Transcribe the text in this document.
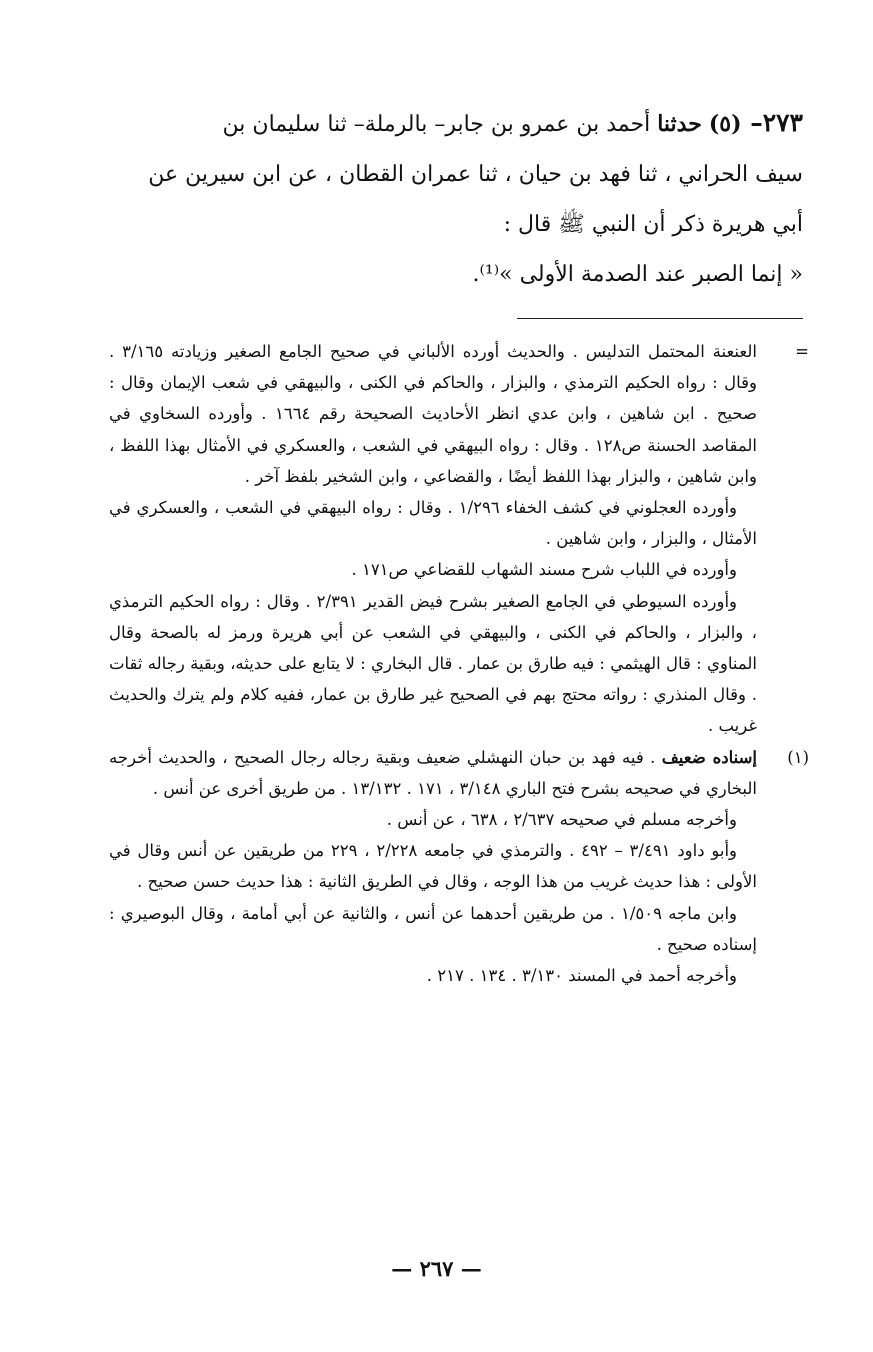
٢٧٣– (٥) حدثنا أحمد بن عمرو بن جابر– بالرملة– ثنا سليمان بن

سيف الحراني ، ثنا فهد بن حيان ، ثنا عمران القطان ، عن ابن سيرين عن

أبي هريرة ذكر أن النبي ﷺ قال :

« إنما الصبر عند الصدمة الأولى »⁽¹⁾.

=

العنعنة المحتمل التدليس . والحديث أورده الألباني في صحيح الجامع الصغير وزيادته ٣/١٦٥ . وقال : رواه الحكيم الترمذي ، والبزار ، والحاكم في الكنى ، والبيهقي في شعب الإيمان وقال : صحيح . ابن شاهين ، وابن عدي انظر الأحاديث الصحيحة رقم ١٦٦٤ . وأورده السخاوي في المقاصد الحسنة ص١٢٨ . وقال : رواه البيهقي في الشعب ، والعسكري في الأمثال بهذا اللفظ ، وابن شاهين ، والبزار بهذا اللفظ أيضًا ، والقضاعي ، وابن الشخير بلفظ آخر .

وأورده العجلوني في كشف الخفاء ١/٢٩٦ . وقال : رواه البيهقي في الشعب ، والعسكري في الأمثال ، والبزار ، وابن شاهين .

وأورده في اللباب شرح مسند الشهاب للقضاعي ص١٧١ .

وأورده السيوطي في الجامع الصغير بشرح فيض القدير ٢/٣٩١ . وقال : رواه الحكيم الترمذي ، والبزار ، والحاكم في الكنى ، والبيهقي في الشعب عن أبي هريرة ورمز له بالصحة وقال المناوي : قال الهيثمي : فيه طارق بن عمار . قال البخاري : لا يتابع على حديثه، وبقية رجاله ثقات . وقال المنذري : رواته محتج بهم في الصحيح غير طارق بن عمار، ففيه كلام ولم يترك والحديث غريب .

(١)

إسناده ضعيف . فيه فهد بن حبان النهشلي ضعيف وبقية رجاله رجال الصحيح ، والحديث أخرجه البخاري في صحيحه بشرح فتح الباري ٣/١٤٨ ، ١٧١ . ١٣/١٣٢ . من طريق أخرى عن أنس .

وأخرجه مسلم في صحيحه ٢/٦٣٧ ، ٦٣٨ ، عن أنس .

وأبو داود ٣/٤٩١ – ٤٩٢ . والترمذي في جامعه ٢/٢٢٨ ، ٢٢٩ من طريقين عن أنس وقال في الأولى : هذا حديث غريب من هذا الوجه ، وقال في الطريق الثانية : هذا حديث حسن صحيح .

وابن ماجه ١/٥٠٩ . من طريقين أحدهما عن أنس ، والثانية عن أبي أمامة ، وقال البوصيري : إسناده صحيح .

وأخرجه أحمد في المسند ٣/١٣٠ . ١٣٤ . ٢١٧ .

— ٢٦٧ —
